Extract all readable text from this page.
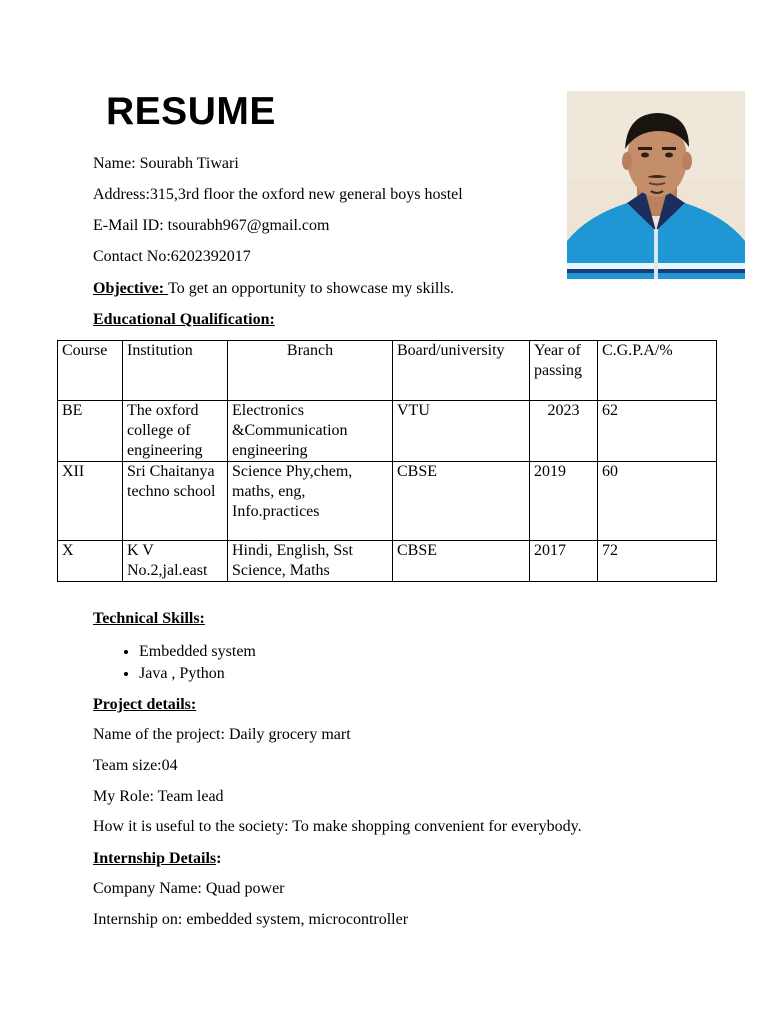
RESUME
Name: Sourabh Tiwari
Address:315,3rd floor the oxford new general boys hostel
E-Mail ID: tsourabh967@gmail.com
Contact No:6202392017
Objective: To get an opportunity to showcase my skills.
Educational Qualification:
Course	Institution	Branch	Board/university	Year of passing	C.G.P.A/%
BE	The oxford college of engineering	Electronics &Communication engineering	VTU	2023	62
XII	Sri Chaitanya techno school	Science Phy,chem, maths, eng, Info.practices	CBSE	2019	60
X	K V No.2,jal.east	Hindi, English, Sst Science, Maths	CBSE	2017	72
Technical Skills:
• Embedded system
• Java , Python
Project details:
Name of the project: Daily grocery mart
Team size:04
My Role: Team lead
How it is useful to the society: To make shopping convenient for everybody.
Internship Details:
Company Name: Quad power
Internship on: embedded system, microcontroller
